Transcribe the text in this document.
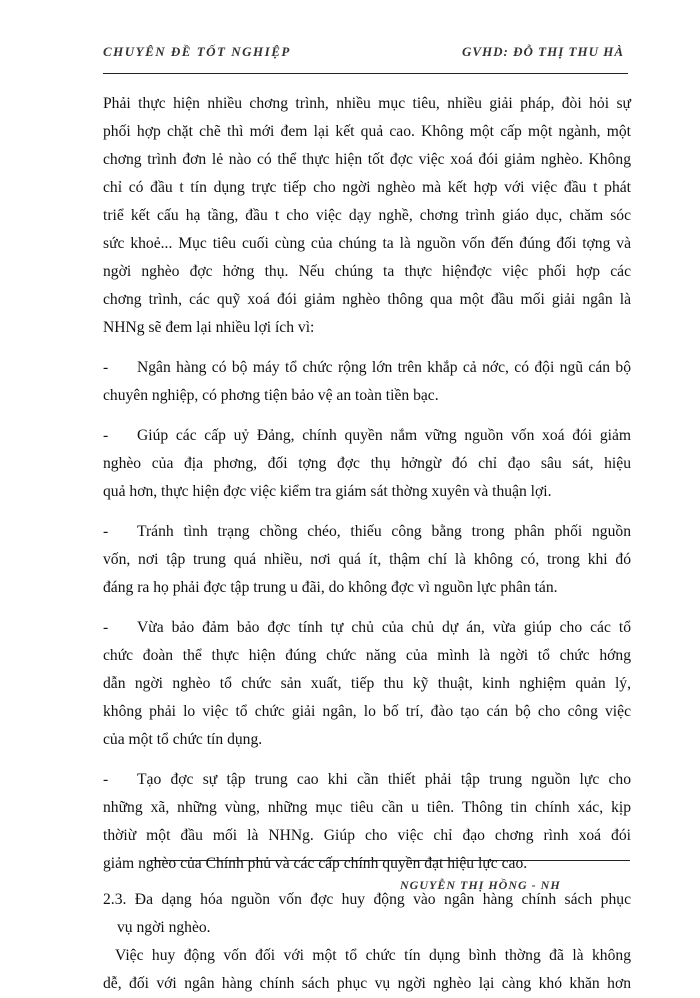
CHUYÊN ĐỀ TỐT NGHIỆP	GVHD: ĐỖ THỊ THU HÀ
Phải thực hiện nhiều chơng trình, nhiều mục tiêu, nhiều giải pháp, đòi hỏi sự
phối hợp chặt chẽ thì mới đem lại kết quả cao. Không một cấp một ngành, một
chơng trình đơn lẻ nào có thể thực hiện tốt đợc việc xoá đói giảm nghèo. Không
chỉ có đầu t tín dụng trực tiếp cho ngời nghèo mà kết hợp với việc đầu t phát
triể kết cấu hạ tầng, đầu t cho việc dạy nghề, chơng trình giáo dục, chăm sóc
sức khoẻ... Mục tiêu cuối cùng của chúng ta là nguồn vốn đến đúng đối tợng và
ngời nghèo đợc hởng thụ. Nếu chúng ta thực hiệnđợc việc phối hợp các
chơng trình, các quỹ xoá đói giảm nghèo thông qua một đầu mối giải ngân là
NHNg sẽ đem lại nhiều lợi ích vì:
- Ngân hàng có bộ máy tổ chức rộng lớn trên khắp cả nớc, có đội ngũ cán bộ
chuyên nghiệp, có phơng tiện bảo vệ an toàn tiền bạc.
- Giúp các cấp uỷ Đảng, chính quyền nắm vững nguồn vốn xoá đói giảm
nghèo của địa phơng, đối tợng đợc thụ hởngừ đó chỉ đạo sâu sát, hiệu
quả hơn, thực hiện đợc việc kiểm tra giám sát thờng xuyên và thuận lợi.
- Tránh tình trạng chồng chéo, thiếu công bằng trong phân phối nguồn
vốn, nơi tập trung quá nhiều, nơi quá ít, thậm chí là không có, trong khi đó
đáng ra họ phải đợc tập trung u đãi, do không đợc vì nguồn lực phân tán.
- Vừa bảo đảm bảo đợc tính tự chủ của chủ dự án, vừa giúp cho các tổ
chức đoàn thể thực hiện đúng chức năng của mình là ngời tổ chức hớng
dẫn ngời nghèo tổ chức sản xuất, tiếp thu kỹ thuật, kinh nghiệm quản lý,
không phải lo việc tổ chức giải ngân, lo bố trí, đào tạo cán bộ cho công việc
của một tổ chức tín dụng.
- Tạo đợc sự tập trung cao khi cần thiết phải tập trung nguồn lực cho
những xã, những vùng, những mục tiêu cần u tiên. Thông tin chính xác, kịp
thờiừ một đầu mối là NHNg. Giúp cho việc chỉ đạo chơng rình xoá đói
giảm nghèo của Chính phủ và các cấp chính quyền đạt hiệu lực cao.
2.3. Đa dạng hóa nguồn vốn đợc huy động vào ngân hàng chính sách phục
vụ ngời nghèo.
Việc huy động vốn đối với một tổ chức tín dụng bình thờng đã là không
dễ, đối với ngân hàng chính sách phục vụ ngời nghèo lại càng khó khăn hơn
NGUYỄN THỊ HỒNG - NH
